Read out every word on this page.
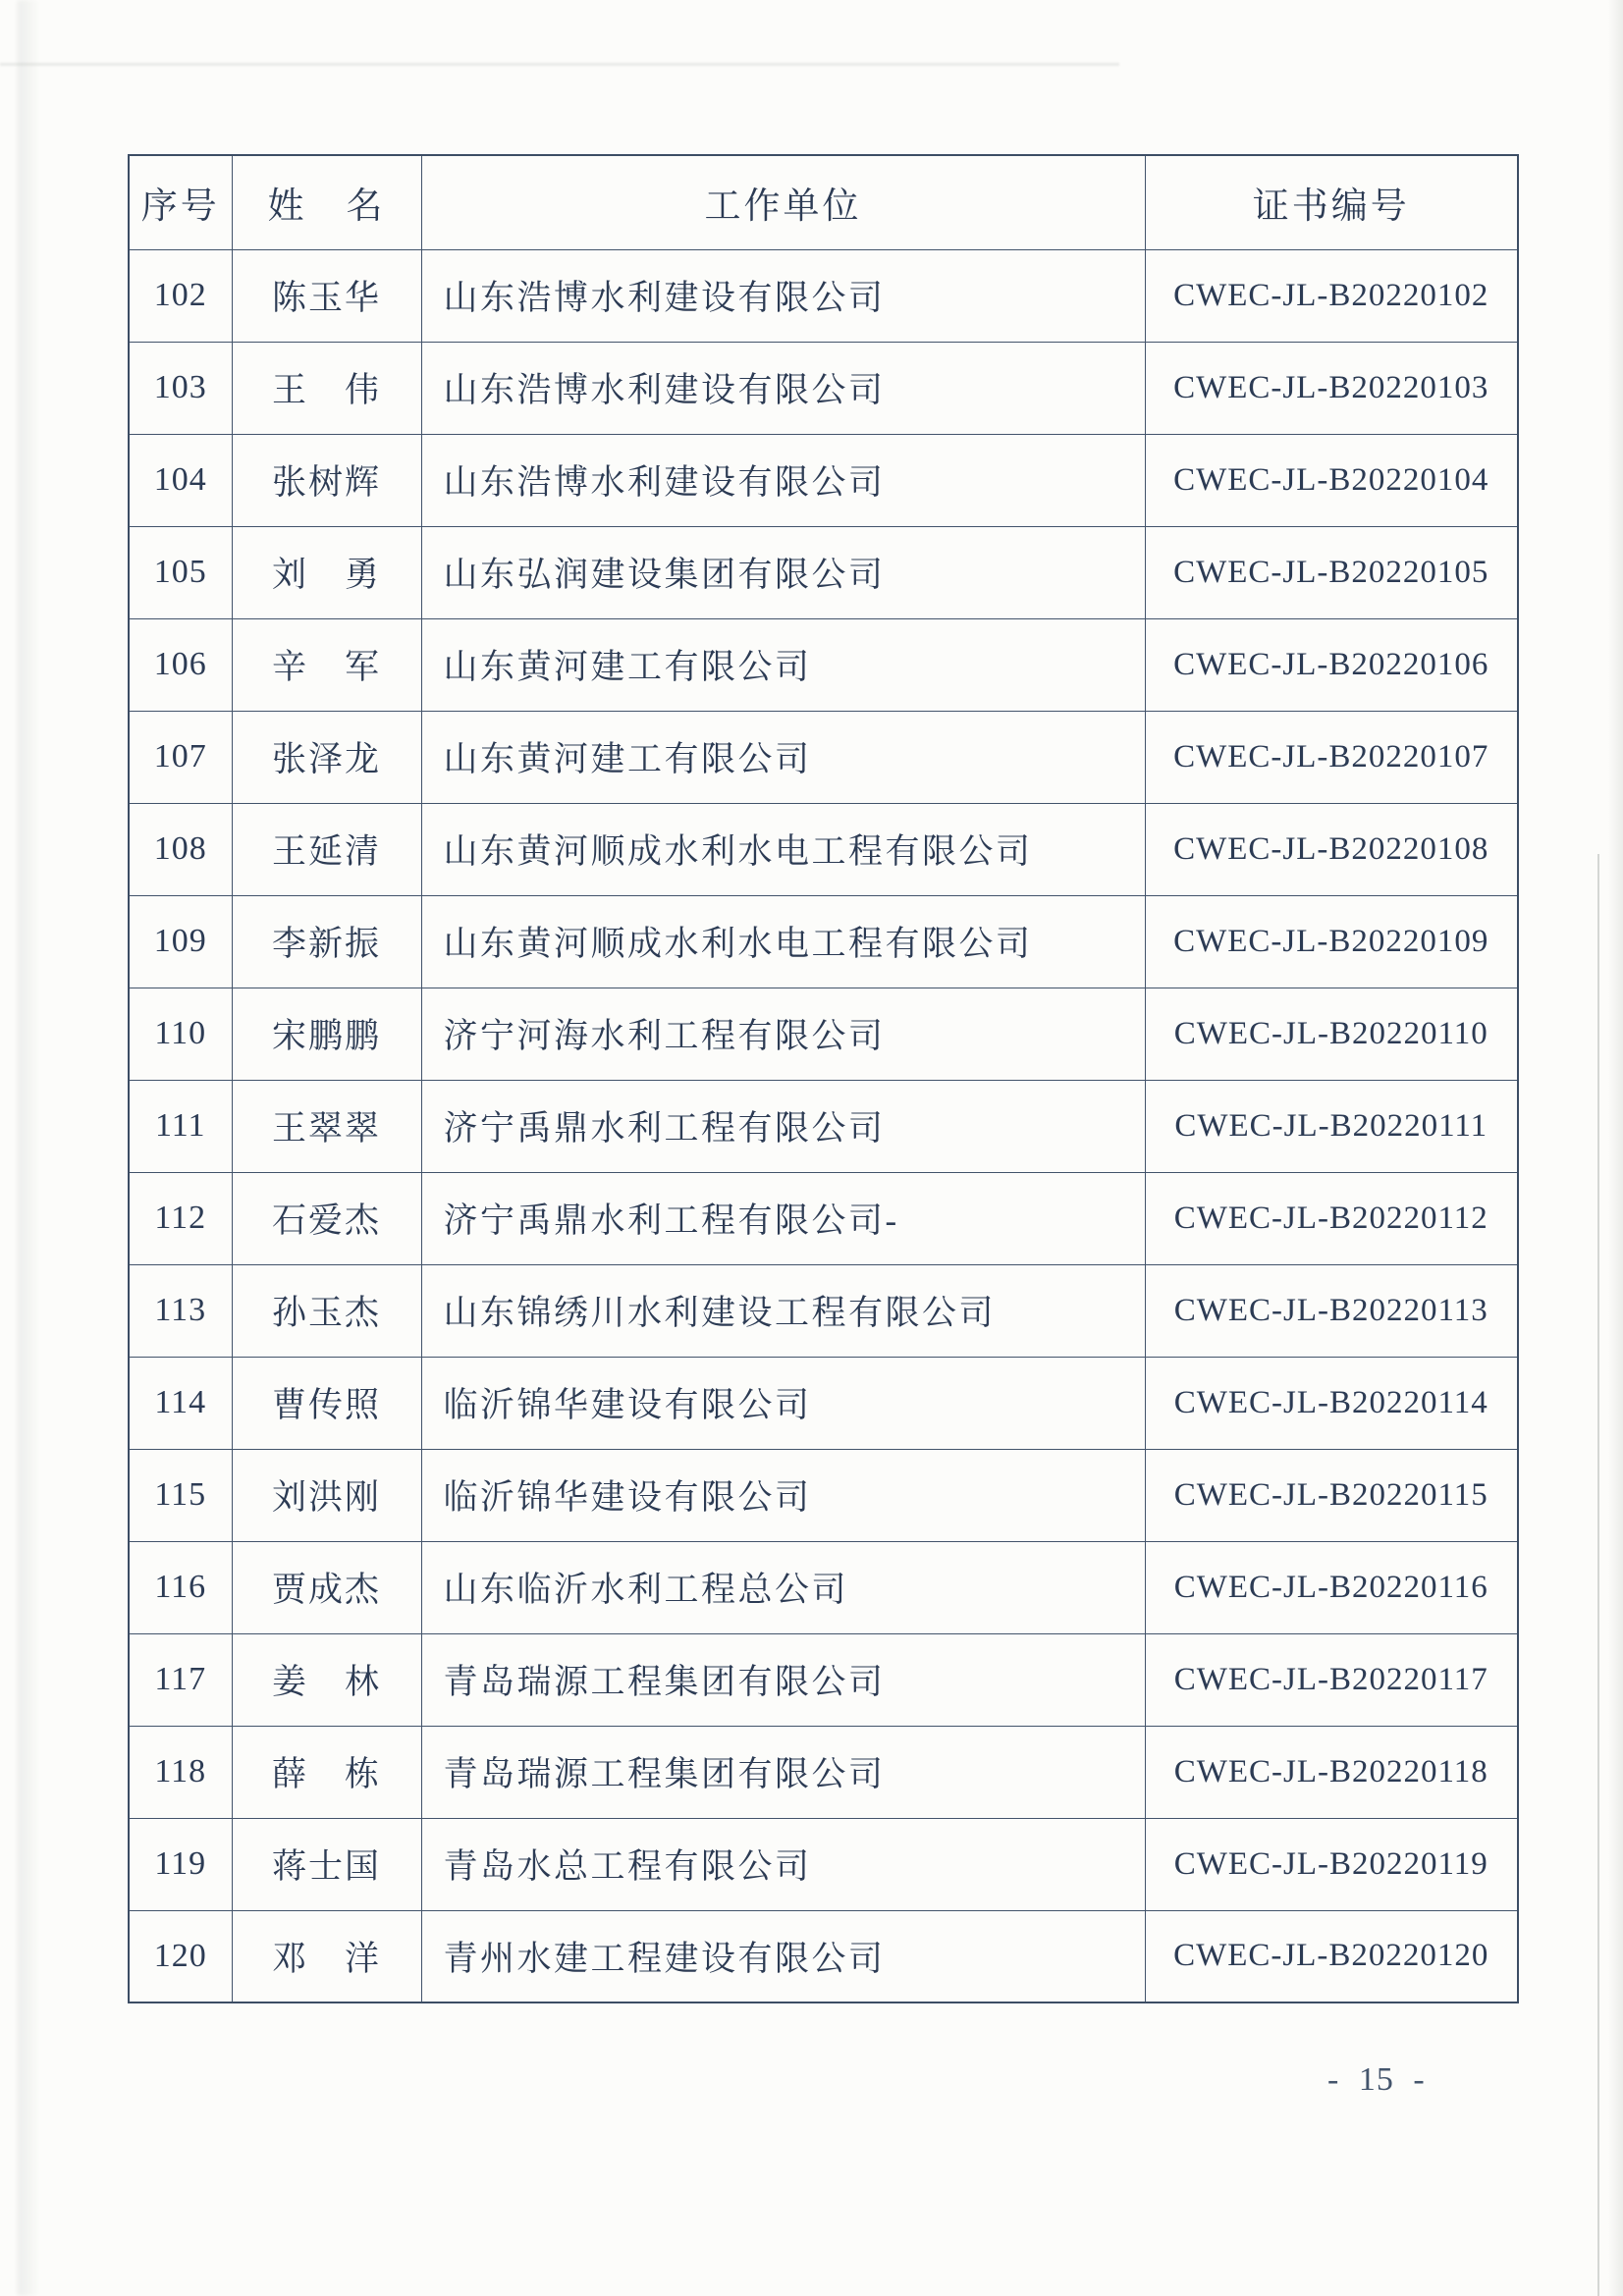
序号	姓　名	工作单位	证书编号
102	陈玉华	山东浩博水利建设有限公司	CWEC-JL-B20220102
103	王　伟	山东浩博水利建设有限公司	CWEC-JL-B20220103
104	张树辉	山东浩博水利建设有限公司	CWEC-JL-B20220104
105	刘　勇	山东弘润建设集团有限公司	CWEC-JL-B20220105
106	辛　军	山东黄河建工有限公司	CWEC-JL-B20220106
107	张泽龙	山东黄河建工有限公司	CWEC-JL-B20220107
108	王延清	山东黄河顺成水利水电工程有限公司	CWEC-JL-B20220108
109	李新振	山东黄河顺成水利水电工程有限公司	CWEC-JL-B20220109
110	宋鹏鹏	济宁河海水利工程有限公司	CWEC-JL-B20220110
111	王翠翠	济宁禹鼎水利工程有限公司	CWEC-JL-B20220111
112	石爱杰	济宁禹鼎水利工程有限公司-	CWEC-JL-B20220112
113	孙玉杰	山东锦绣川水利建设工程有限公司	CWEC-JL-B20220113
114	曹传照	临沂锦华建设有限公司	CWEC-JL-B20220114
115	刘洪刚	临沂锦华建设有限公司	CWEC-JL-B20220115
116	贾成杰	山东临沂水利工程总公司	CWEC-JL-B20220116
117	姜　林	青岛瑞源工程集团有限公司	CWEC-JL-B20220117
118	薛　栋	青岛瑞源工程集团有限公司	CWEC-JL-B20220118
119	蒋士国	青岛水总工程有限公司	CWEC-JL-B20220119
120	邓　洋	青州水建工程建设有限公司	CWEC-JL-B20220120
- 15 -
